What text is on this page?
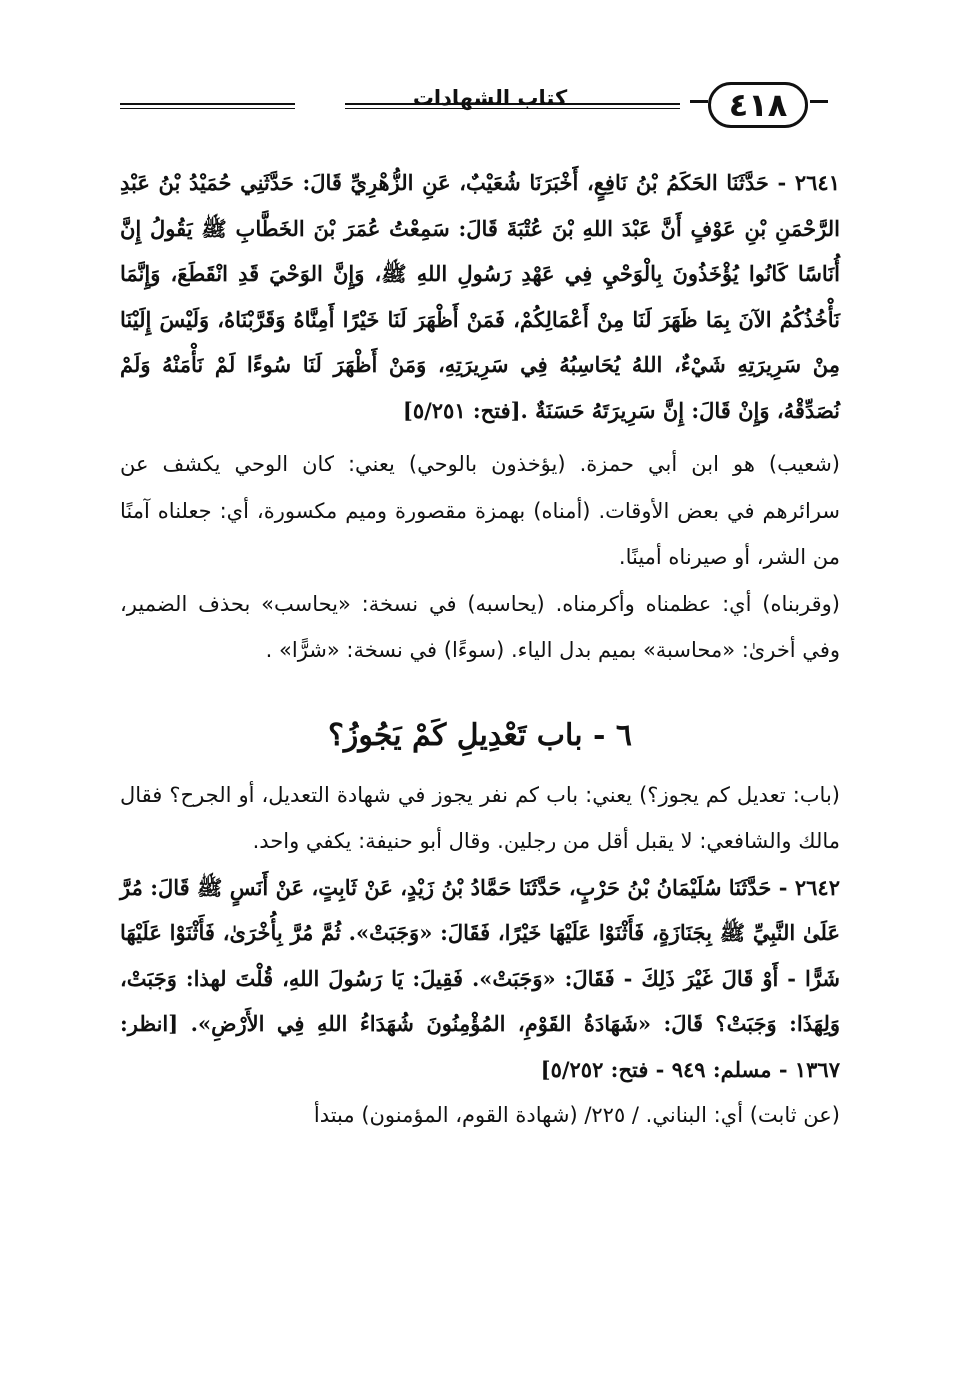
كتاب الشهادات	٤١٨

٢٦٤١ - حَدَّثَنَا الحَكَمُ بْنُ نَافِعٍ، أَخْبَرَنَا شُعَيْبٌ، عَنِ الزُّهْرِيِّ قَالَ: حَدَّثَنِي حُمَيْدُ بْنُ عَبْدِ الرَّحْمَنِ بْنِ عَوْفٍ أَنَّ عَبْدَ اللهِ بْنَ عُتْبَةَ قَالَ: سَمِعْتُ عُمَرَ بْنَ الخَطَّابِ ﷺ يَقُولُ إِنَّ أُنَاسًا كَانُوا يُؤْخَذُونَ بِالْوَحْيِ فِي عَهْدِ رَسُولِ اللهِ ﷺ، وَإِنَّ الوَحْيَ قَدِ انْقَطَعَ، وَإِنَّمَا نَأْخُذُكُمُ الآنَ بِمَا ظَهَرَ لَنَا مِنْ أَعْمَالِكُمْ، فَمَنْ أَظْهَرَ لَنَا خَيْرًا أَمِنَّاهُ وَقَرَّبْنَاهُ، وَلَيْسَ إِلَيْنَا مِنْ سَرِيرَتِهِ شَيْءٌ، اللهُ يُحَاسِبُهُ فِي سَرِيرَتِهِ، وَمَنْ أَظْهَرَ لَنَا سُوءًا لَمْ نَأْمَنْهُ وَلَمْ نُصَدِّقْهُ، وَإِنْ قَالَ: إِنَّ سَرِيرَتَهُ حَسَنَةٌ .[فتح: ٥/٢٥١]

(شعيب) هو ابن أبي حمزة. (يؤخذون بالوحي) يعني: كان الوحي يكشف عن سرائرهم في بعض الأوقات. (أمناه) بهمزة مقصورة وميم مكسورة، أي: جعلناه آمنًا من الشر، أو صيرناه أمينًا.

(وقربناه) أي: عظمناه وأكرمناه. (يحاسبه) في نسخة: «يحاسب» بحذف الضمير، وفي أخرىٰ: «محاسبة» بميم بدل الياء. (سوءًا) في نسخة: «شرًّا» .

٦ - باب تَعْدِيلِ كَمْ يَجُوزُ؟

(باب: تعديل كم يجوز؟) يعني: باب كم نفر يجوز في شهادة التعديل، أو الجرح؟ فقال مالك والشافعي: لا يقبل أقل من رجلين. وقال أبو حنيفة: يكفي واحد.

٢٦٤٢ - حَدَّثَنَا سُلَيْمَانُ بْنُ حَرْبٍ، حَدَّثَنَا حَمَّادُ بْنُ زَيْدٍ، عَنْ ثَابِتٍ، عَنْ أَنَسٍ ﷺ قَالَ: مُرَّ عَلَىٰ النَّبِيِّ ﷺ بِجَنَازَةٍ، فَأَثْنَوْا عَلَيْهَا خَيْرًا، فَقَالَ: «وَجَبَتْ». ثُمَّ مُرَّ بِأُخْرَىٰ، فَأَثْنَوْا عَلَيْهَا شَرًّا - أَوْ قَالَ غَيْرَ ذَلِكَ - فَقَالَ: «وَجَبَتْ». فَقِيلَ: يَا رَسُولَ اللهِ، قُلْتَ لهذا: وَجَبَتْ، وَلِهَذَا: وَجَبَتْ؟ قَالَ: «شَهَادَةُ القَوْمِ، المُؤْمِنُونَ شُهَدَاءُ اللهِ فِي الأَرْضِ». [انظر: ١٣٦٧ - مسلم: ٩٤٩ - فتح: ٥/٢٥٢]

(عن ثابت) أي: البناني. / ٢٢٥/ (شهادة القوم، المؤمنون) مبتدأ
